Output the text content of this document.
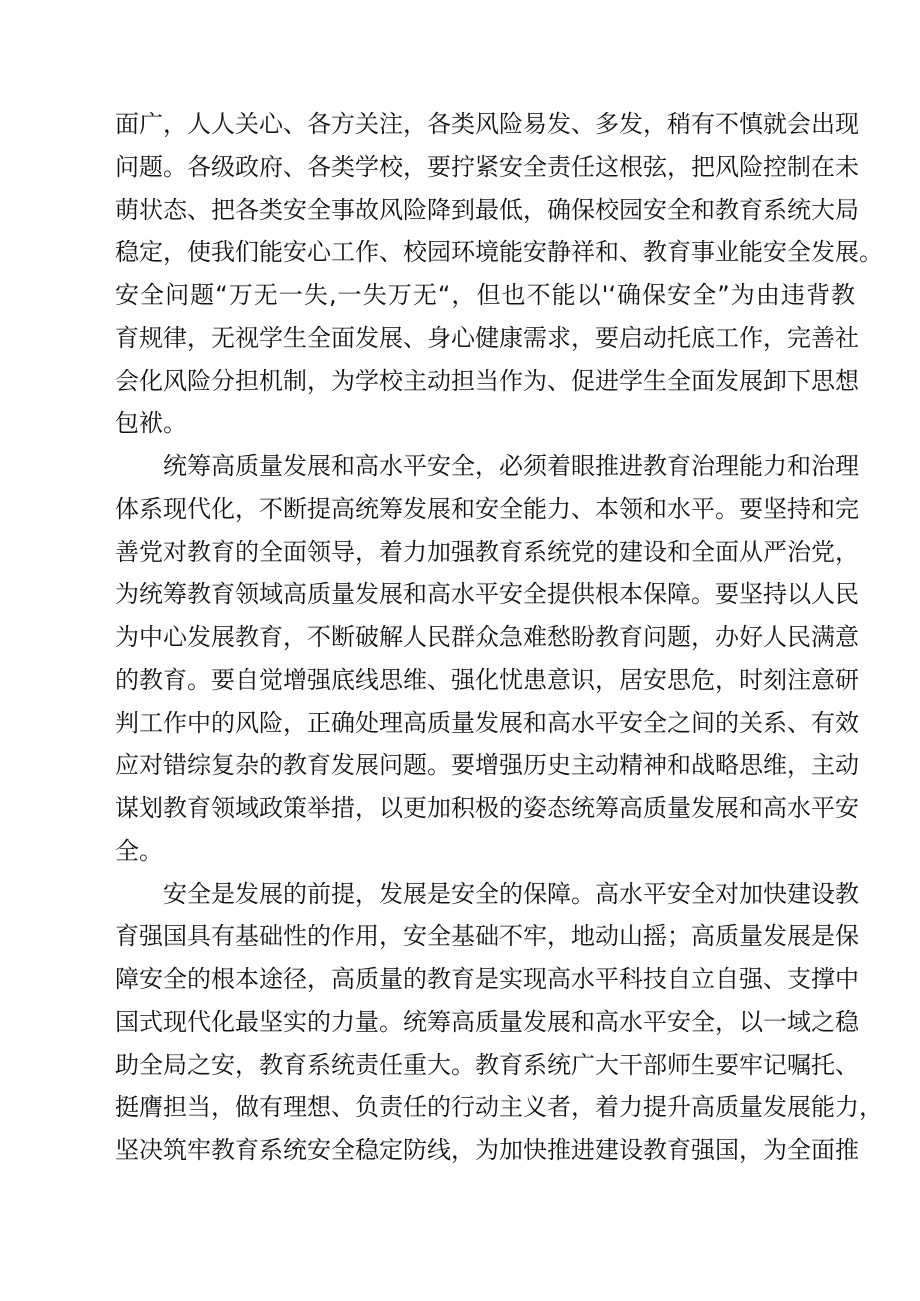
面广，人人关心、各方关注，各类风险易发、多发，稍有不慎就会出现
问题。各级政府、各类学校，要拧紧安全责任这根弦，把风险控制在未
萌状态、把各类安全事故风险降到最低，确保校园安全和教育系统大局
稳定，使我们能安心工作、校园环境能安静祥和、教育事业能安全发展。
安全问题“万无一失,一失万无“，但也不能以'‘确保安全”为由违背教
育规律，无视学生全面发展、身心健康需求，要启动托底工作，完善社
会化风险分担机制，为学校主动担当作为、促进学生全面发展卸下思想
包袱。
统筹高质量发展和高水平安全，必须着眼推进教育治理能力和治理
体系现代化，不断提高统筹发展和安全能力、本领和水平。要坚持和完
善党对教育的全面领导，着力加强教育系统党的建设和全面从严治党，
为统筹教育领域高质量发展和高水平安全提供根本保障。要坚持以人民
为中心发展教育，不断破解人民群众急难愁盼教育问题，办好人民满意
的教育。要自觉增强底线思维、强化忧患意识，居安思危，时刻注意研
判工作中的风险，正确处理高质量发展和高水平安全之间的关系、有效
应对错综复杂的教育发展问题。要增强历史主动精神和战略思维，主动
谋划教育领域政策举措，以更加积极的姿态统筹高质量发展和高水平安
全。
安全是发展的前提，发展是安全的保障。高水平安全对加快建设教
育强国具有基础性的作用，安全基础不牢，地动山摇；高质量发展是保
障安全的根本途径，高质量的教育是实现高水平科技自立自强、支撑中
国式现代化最坚实的力量。统筹高质量发展和高水平安全，以一域之稳
助全局之安，教育系统责任重大。教育系统广大干部师生要牢记嘱托、
挺膺担当，做有理想、负责任的行动主义者，着力提升高质量发展能力，
坚决筑牢教育系统安全稳定防线，为加快推进建设教育强国，为全面推
